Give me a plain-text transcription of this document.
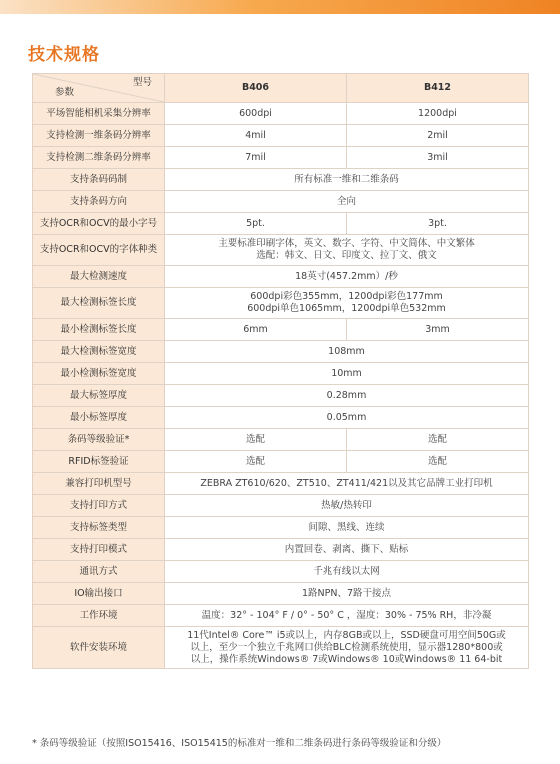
技术规格
型号
参数	B406	B412
平场智能相机采集分辨率	600dpi	1200dpi
支持检测一维条码分辨率	4mil	2mil
支持检测二维条码分辨率	7mil	3mil
支持条码码制	所有标准一维和二维条码	
支持条码方向	全向	
支持OCR和OCV的最小字号	5pt.	3pt.
支持OCR和OCV的字体种类	主要标准印刷字体，英文、数字、字符、中文简体、中文繁体
选配：韩文、日文、印度文、拉丁文、俄文	

最大检测速度	18英寸(457.2mm）/秒	
最大检测标签长度	600dpi彩色355mm，1200dpi彩色177mm
600dpi单色1065mm，1200dpi单色532mm	

最小检测标签长度	6mm	3mm
最大检测标签宽度	108mm	
最小检测标签宽度	10mm	
最大标签厚度	0.28mm	
最小标签厚度	0.05mm	
条码等级验证*	选配	选配
RFID标签验证	选配	选配
兼容打印机型号	ZEBRA ZT610/620、ZT510、ZT411/421以及其它品牌工业打印机	
支持打印方式	热敏/热转印	
支持标签类型	间隙、黑线、连续	
支持打印模式	内置回卷、剥离、撕下、贴标	
通讯方式	千兆有线以太网	
IO输出接口	1路NPN、7路干接点	
工作环境	温度：32° - 104° F / 0° - 50° C ，湿度：30% - 75% RH，非冷凝	
软件安装环境	11代Intel® Core™ i5或以上，内存8GB或以上，SSD硬盘可用空间50G或
以上，至少一个独立千兆网口供给BLC检测系统使用，显示器1280*800或
以上，操作系统Windows® 7或Windows® 10或Windows® 11 64-bit	
* 条码等级验证（按照ISO15416、ISO15415的标准对一维和二维条码进行条码等级验证和分级）
